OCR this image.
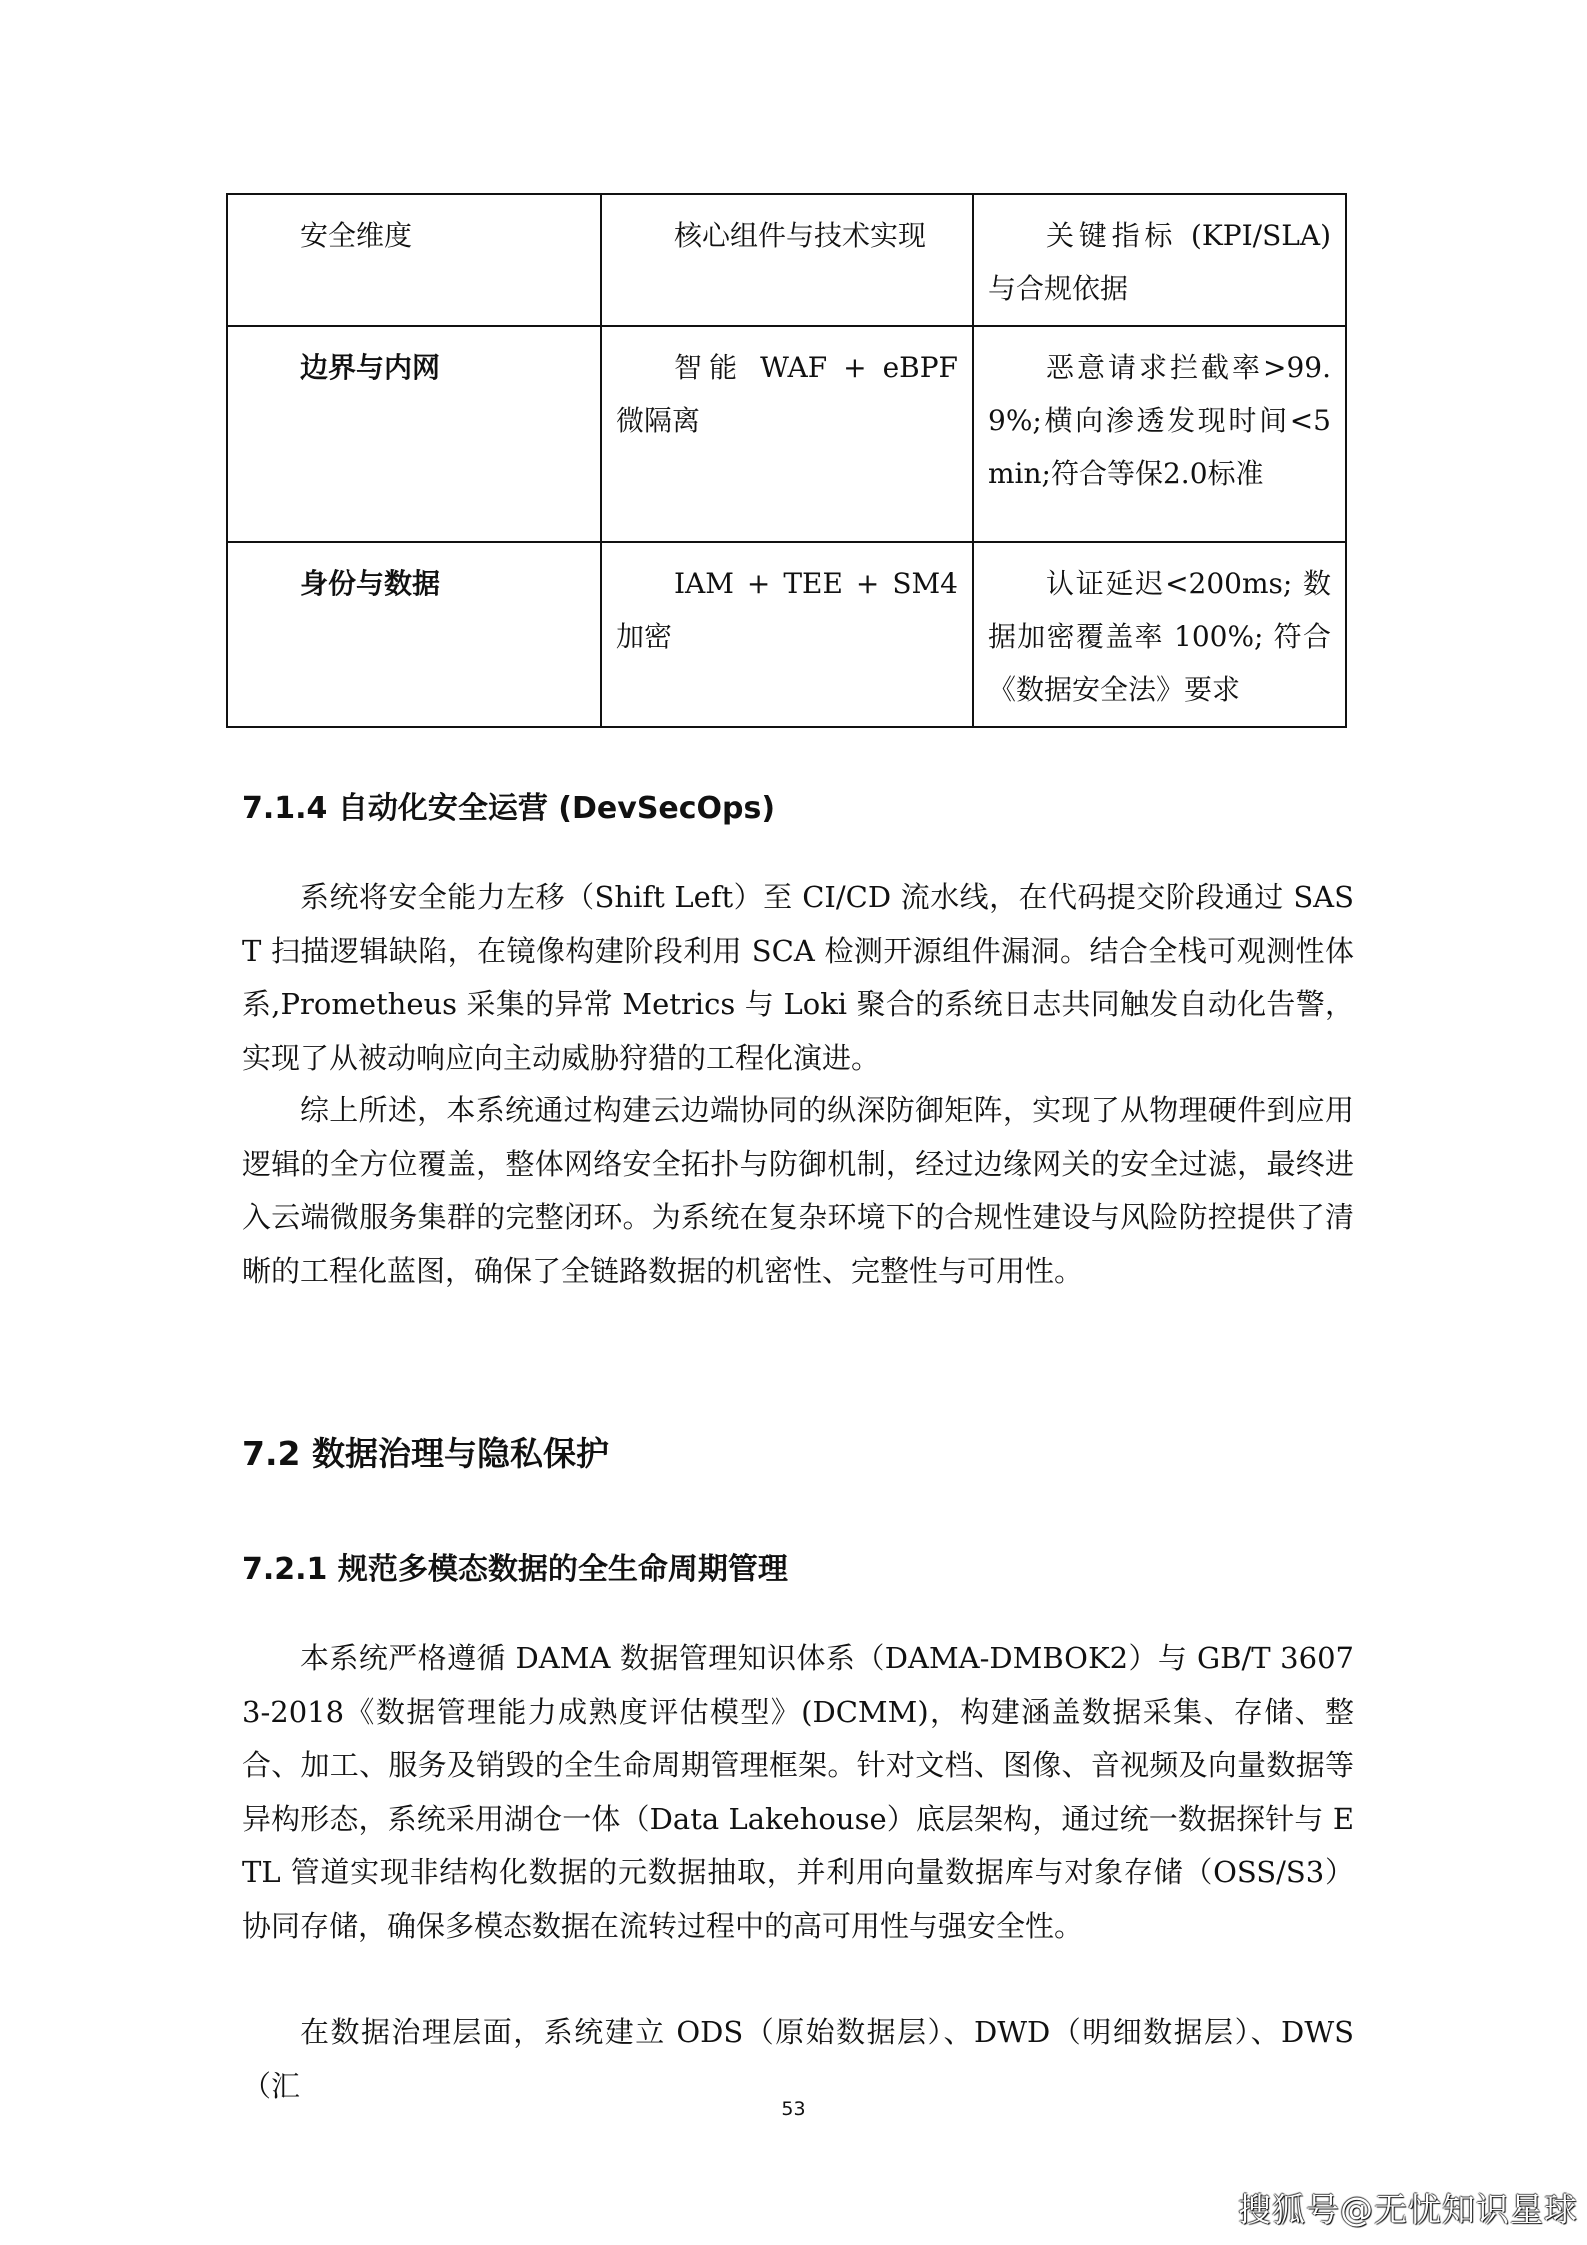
安全维度	核心组件与技术实现	关键指标 (KPI/SLA) 与合规依据
边界与内网	智能 WAF + eBPF 微隔离	恶意请求拦截率>99.9%;横向渗透发现时间<5min;符合等保2.0标准
身份与数据	IAM + TEE + SM4 加密	认证延迟<200ms; 数据加密覆盖率 100%; 符合《数据安全法》要求
7.1.4 自动化安全运营 (DevSecOps)

系统将安全能力左移（Shift Left）至 CI/CD 流水线，在代码提交阶段通过 SAST 扫描逻辑缺陷，在镜像构建阶段利用 SCA 检测开源组件漏洞。结合全栈可观测性体系,Prometheus 采集的异常 Metrics 与 Loki 聚合的系统日志共同触发自动化告警，实现了从被动响应向主动威胁狩猎的工程化演进。

综上所述，本系统通过构建云边端协同的纵深防御矩阵，实现了从物理硬件到应用逻辑的全方位覆盖，整体网络安全拓扑与防御机制，经过边缘网关的安全过滤，最终进入云端微服务集群的完整闭环。为系统在复杂环境下的合规性建设与风险防控提供了清晰的工程化蓝图，确保了全链路数据的机密性、完整性与可用性。

7.2 数据治理与隐私保护
7.2.1 规范多模态数据的全生命周期管理

本系统严格遵循 DAMA 数据管理知识体系（DAMA-DMBOK2）与 GB/T 36073-2018《数据管理能力成熟度评估模型》(DCMM)，构建涵盖数据采集、存储、整合、加工、服务及销毁的全生命周期管理框架。针对文档、图像、音视频及向量数据等异构形态，系统采用湖仓一体（Data Lakehouse）底层架构，通过统一数据探针与 ETL 管道实现非结构化数据的元数据抽取，并利用向量数据库与对象存储（OSS/S3）协同存储，确保多模态数据在流转过程中的高可用性与强安全性。

在数据治理层面，系统建立 ODS（原始数据层）、DWD（明细数据层）、DWS（汇

53
搜狐号@无忧知识星球
